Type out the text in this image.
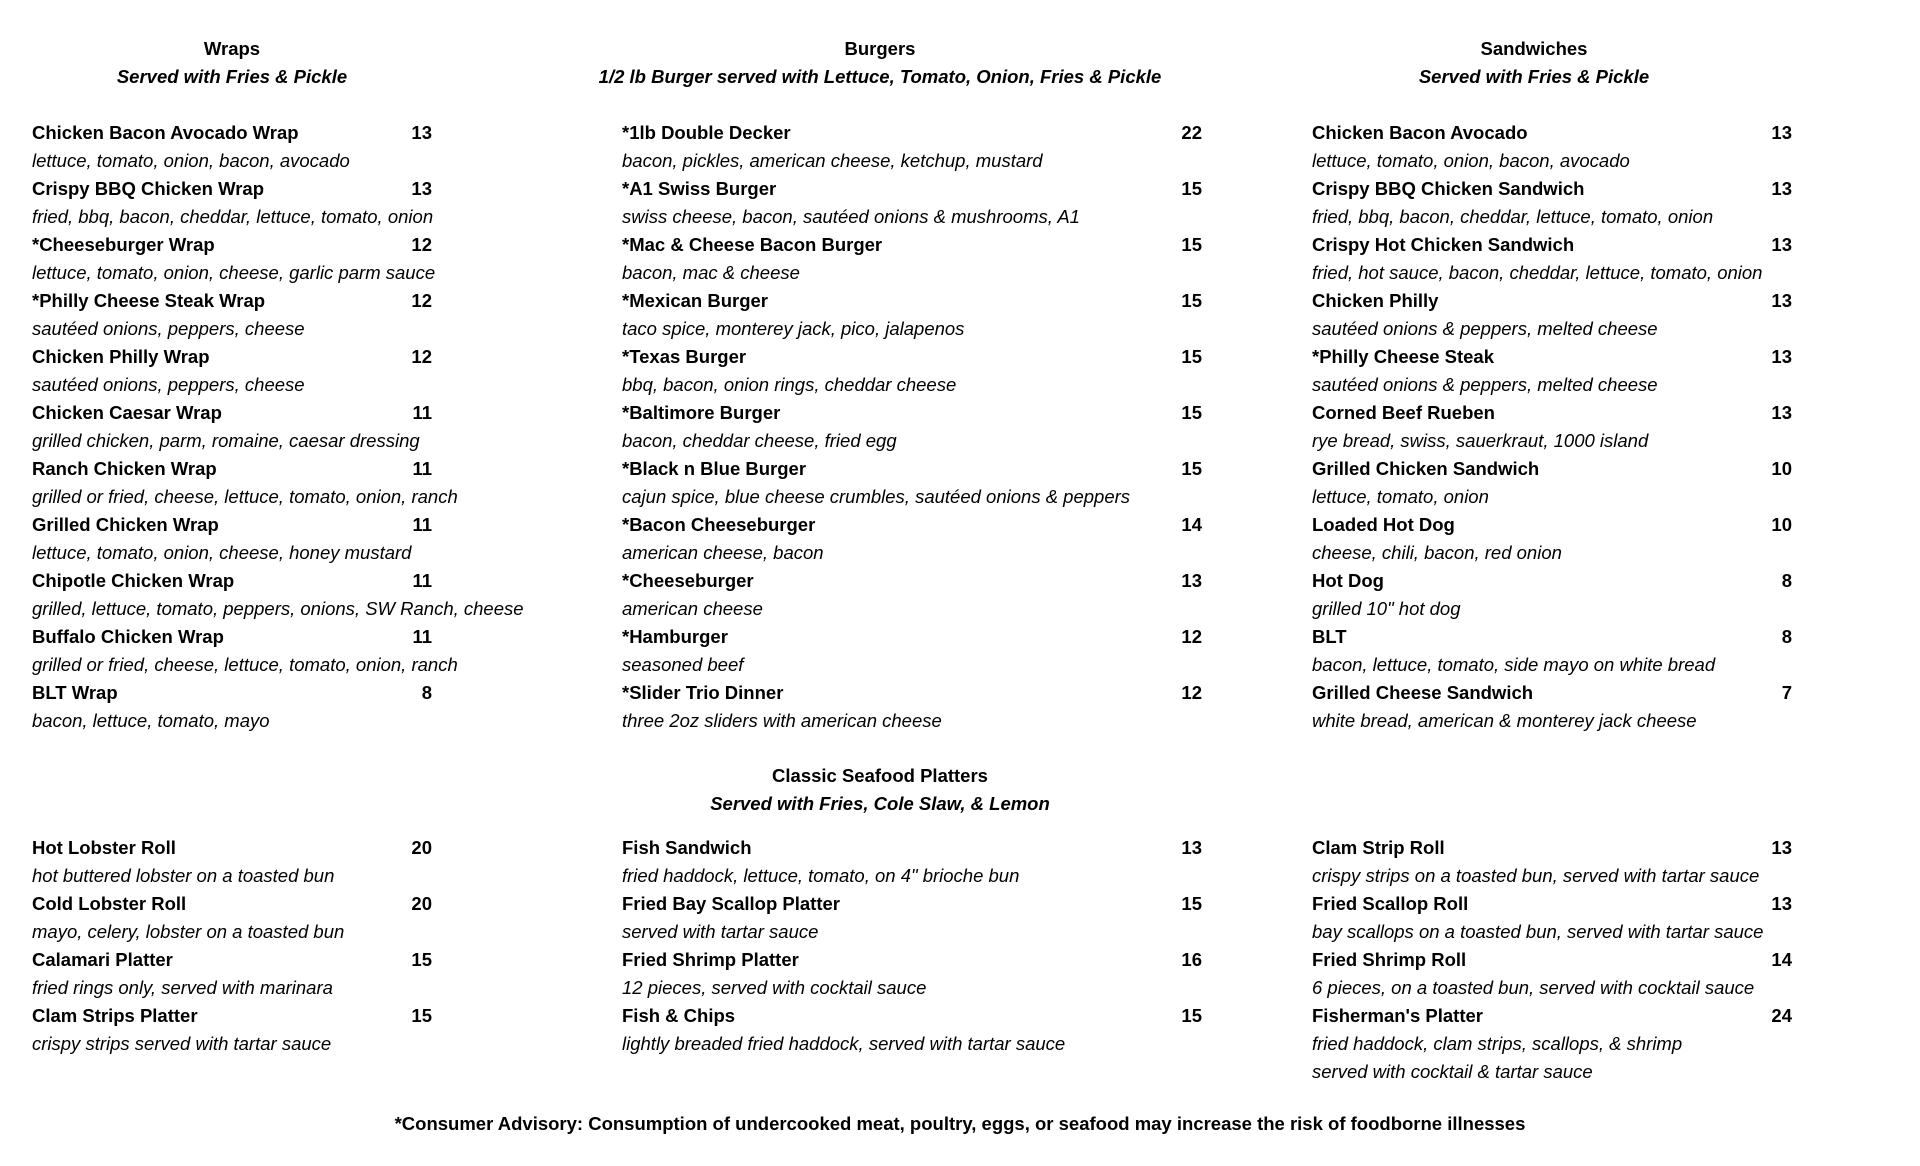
Wraps
Served with Fries & Pickle
Burgers
1/2 lb Burger served with Lettuce, Tomato, Onion, Fries & Pickle
Sandwiches
Served with Fries & Pickle
Chicken Bacon Avocado Wrap	13
lettuce, tomato, onion, bacon, avocado
Crispy BBQ Chicken Wrap	13
fried, bbq, bacon, cheddar, lettuce, tomato, onion
*Cheeseburger Wrap	12
lettuce, tomato, onion, cheese, garlic parm sauce
*Philly Cheese Steak Wrap	12
sautéed onions, peppers, cheese
Chicken Philly Wrap	12
sautéed onions, peppers, cheese
Chicken Caesar Wrap	11
grilled chicken, parm, romaine, caesar dressing
Ranch Chicken Wrap	11
grilled or fried, cheese, lettuce, tomato, onion, ranch
Grilled Chicken Wrap	11
lettuce, tomato, onion, cheese, honey mustard
Chipotle Chicken Wrap	11
grilled, lettuce, tomato, peppers, onions, SW Ranch, cheese
Buffalo Chicken Wrap	11
grilled or fried, cheese, lettuce, tomato, onion, ranch
BLT Wrap	8
bacon, lettuce, tomato, mayo
*1lb Double Decker	22
bacon, pickles, american cheese, ketchup, mustard
*A1 Swiss Burger	15
swiss cheese, bacon, sautéed onions & mushrooms, A1
*Mac & Cheese Bacon Burger	15
bacon, mac & cheese
*Mexican Burger	15
taco spice, monterey jack, pico, jalapenos
*Texas Burger	15
bbq, bacon, onion rings, cheddar cheese
*Baltimore Burger	15
bacon, cheddar cheese, fried egg
*Black n Blue Burger	15
cajun spice, blue cheese crumbles, sautéed onions & peppers
*Bacon Cheeseburger	14
american cheese, bacon
*Cheeseburger	13
american cheese
*Hamburger	12
seasoned beef
*Slider Trio Dinner	12
three 2oz sliders with american cheese
Chicken Bacon Avocado	13
lettuce, tomato, onion, bacon, avocado
Crispy BBQ Chicken Sandwich	13
fried, bbq, bacon, cheddar, lettuce, tomato, onion
Crispy Hot Chicken Sandwich	13
fried, hot sauce, bacon, cheddar, lettuce, tomato, onion
Chicken Philly	13
sautéed onions & peppers, melted cheese
*Philly Cheese Steak	13
sautéed onions & peppers, melted cheese
Corned Beef Rueben	13
rye bread, swiss, sauerkraut, 1000 island
Grilled Chicken Sandwich	10
lettuce, tomato, onion
Loaded Hot Dog	10
cheese, chili, bacon, red onion
Hot Dog	8
grilled 10" hot dog
BLT	8
bacon, lettuce, tomato, side mayo on white bread
Grilled Cheese Sandwich	7
white bread, american & monterey jack cheese
Classic Seafood Platters
Served with Fries, Cole Slaw, & Lemon
Hot Lobster Roll	20
hot buttered lobster on a toasted bun
Cold Lobster Roll	20
mayo, celery, lobster on a toasted bun
Calamari Platter	15
fried rings only, served with marinara
Clam Strips Platter	15
crispy strips served with tartar sauce
Fish Sandwich	13
fried haddock, lettuce, tomato, on 4" brioche bun
Fried Bay Scallop Platter	15
served with tartar sauce
Fried Shrimp Platter	16
12 pieces, served with cocktail sauce
Fish & Chips	15
lightly breaded fried haddock, served with tartar sauce
Clam Strip Roll	13
crispy strips on a toasted bun, served with tartar sauce
Fried Scallop Roll	13
bay scallops on a toasted bun, served with tartar sauce
Fried Shrimp Roll	14
6 pieces, on a toasted bun, served with cocktail sauce
Fisherman's Platter	24
fried haddock, clam strips, scallops, & shrimp
served with cocktail & tartar sauce
*Consumer Advisory: Consumption of undercooked meat, poultry, eggs, or seafood may increase the risk of foodborne illnesses
